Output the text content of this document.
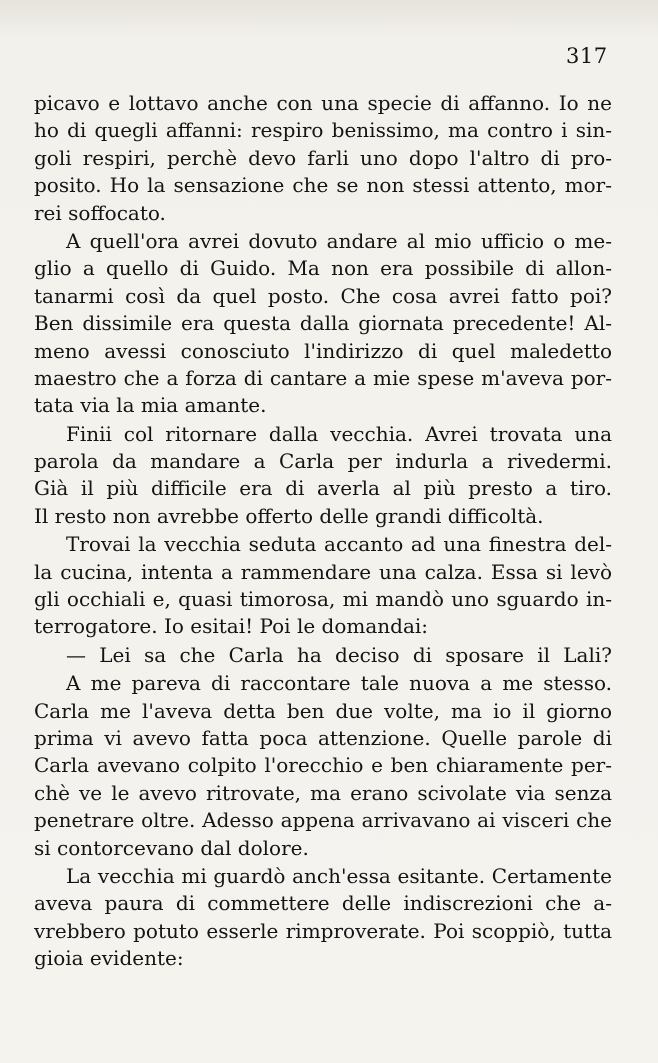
317
picavo e lottavo anche con una specie di affanno. Io ne
ho di quegli affanni: respiro benissimo, ma contro i sin-
goli respiri, perchè devo farli uno dopo l'altro di pro-
posito. Ho la sensazione che se non stessi attento, mor-
rei soffocato.
A quell'ora avrei dovuto andare al mio ufficio o me-
glio a quello di Guido. Ma non era possibile di allon-
tanarmi così da quel posto. Che cosa avrei fatto poi?
Ben dissimile era questa dalla giornata precedente! Al-
meno avessi conosciuto l'indirizzo di quel maledetto
maestro che a forza di cantare a mie spese m'aveva por-
tata via la mia amante.
Finii col ritornare dalla vecchia. Avrei trovata una
parola da mandare a Carla per indurla a rivedermi.
Già il più difficile era di averla al più presto a tiro.
Il resto non avrebbe offerto delle grandi difficoltà.
Trovai la vecchia seduta accanto ad una finestra del-
la cucina, intenta a rammendare una calza. Essa si levò
gli occhiali e, quasi timorosa, mi mandò uno sguardo in-
terrogatore. Io esitai! Poi le domandai:
— Lei sa che Carla ha deciso di sposare il Lali?
A me pareva di raccontare tale nuova a me stesso.
Carla me l'aveva detta ben due volte, ma io il giorno
prima vi avevo fatta poca attenzione. Quelle parole di
Carla avevano colpito l'orecchio e ben chiaramente per-
chè ve le avevo ritrovate, ma erano scivolate via senza
penetrare oltre. Adesso appena arrivavano ai visceri che
si contorcevano dal dolore.
La vecchia mi guardò anch'essa esitante. Certamente
aveva paura di commettere delle indiscrezioni che a-
vrebbero potuto esserle rimproverate. Poi scoppiò, tutta
gioia evidente:
